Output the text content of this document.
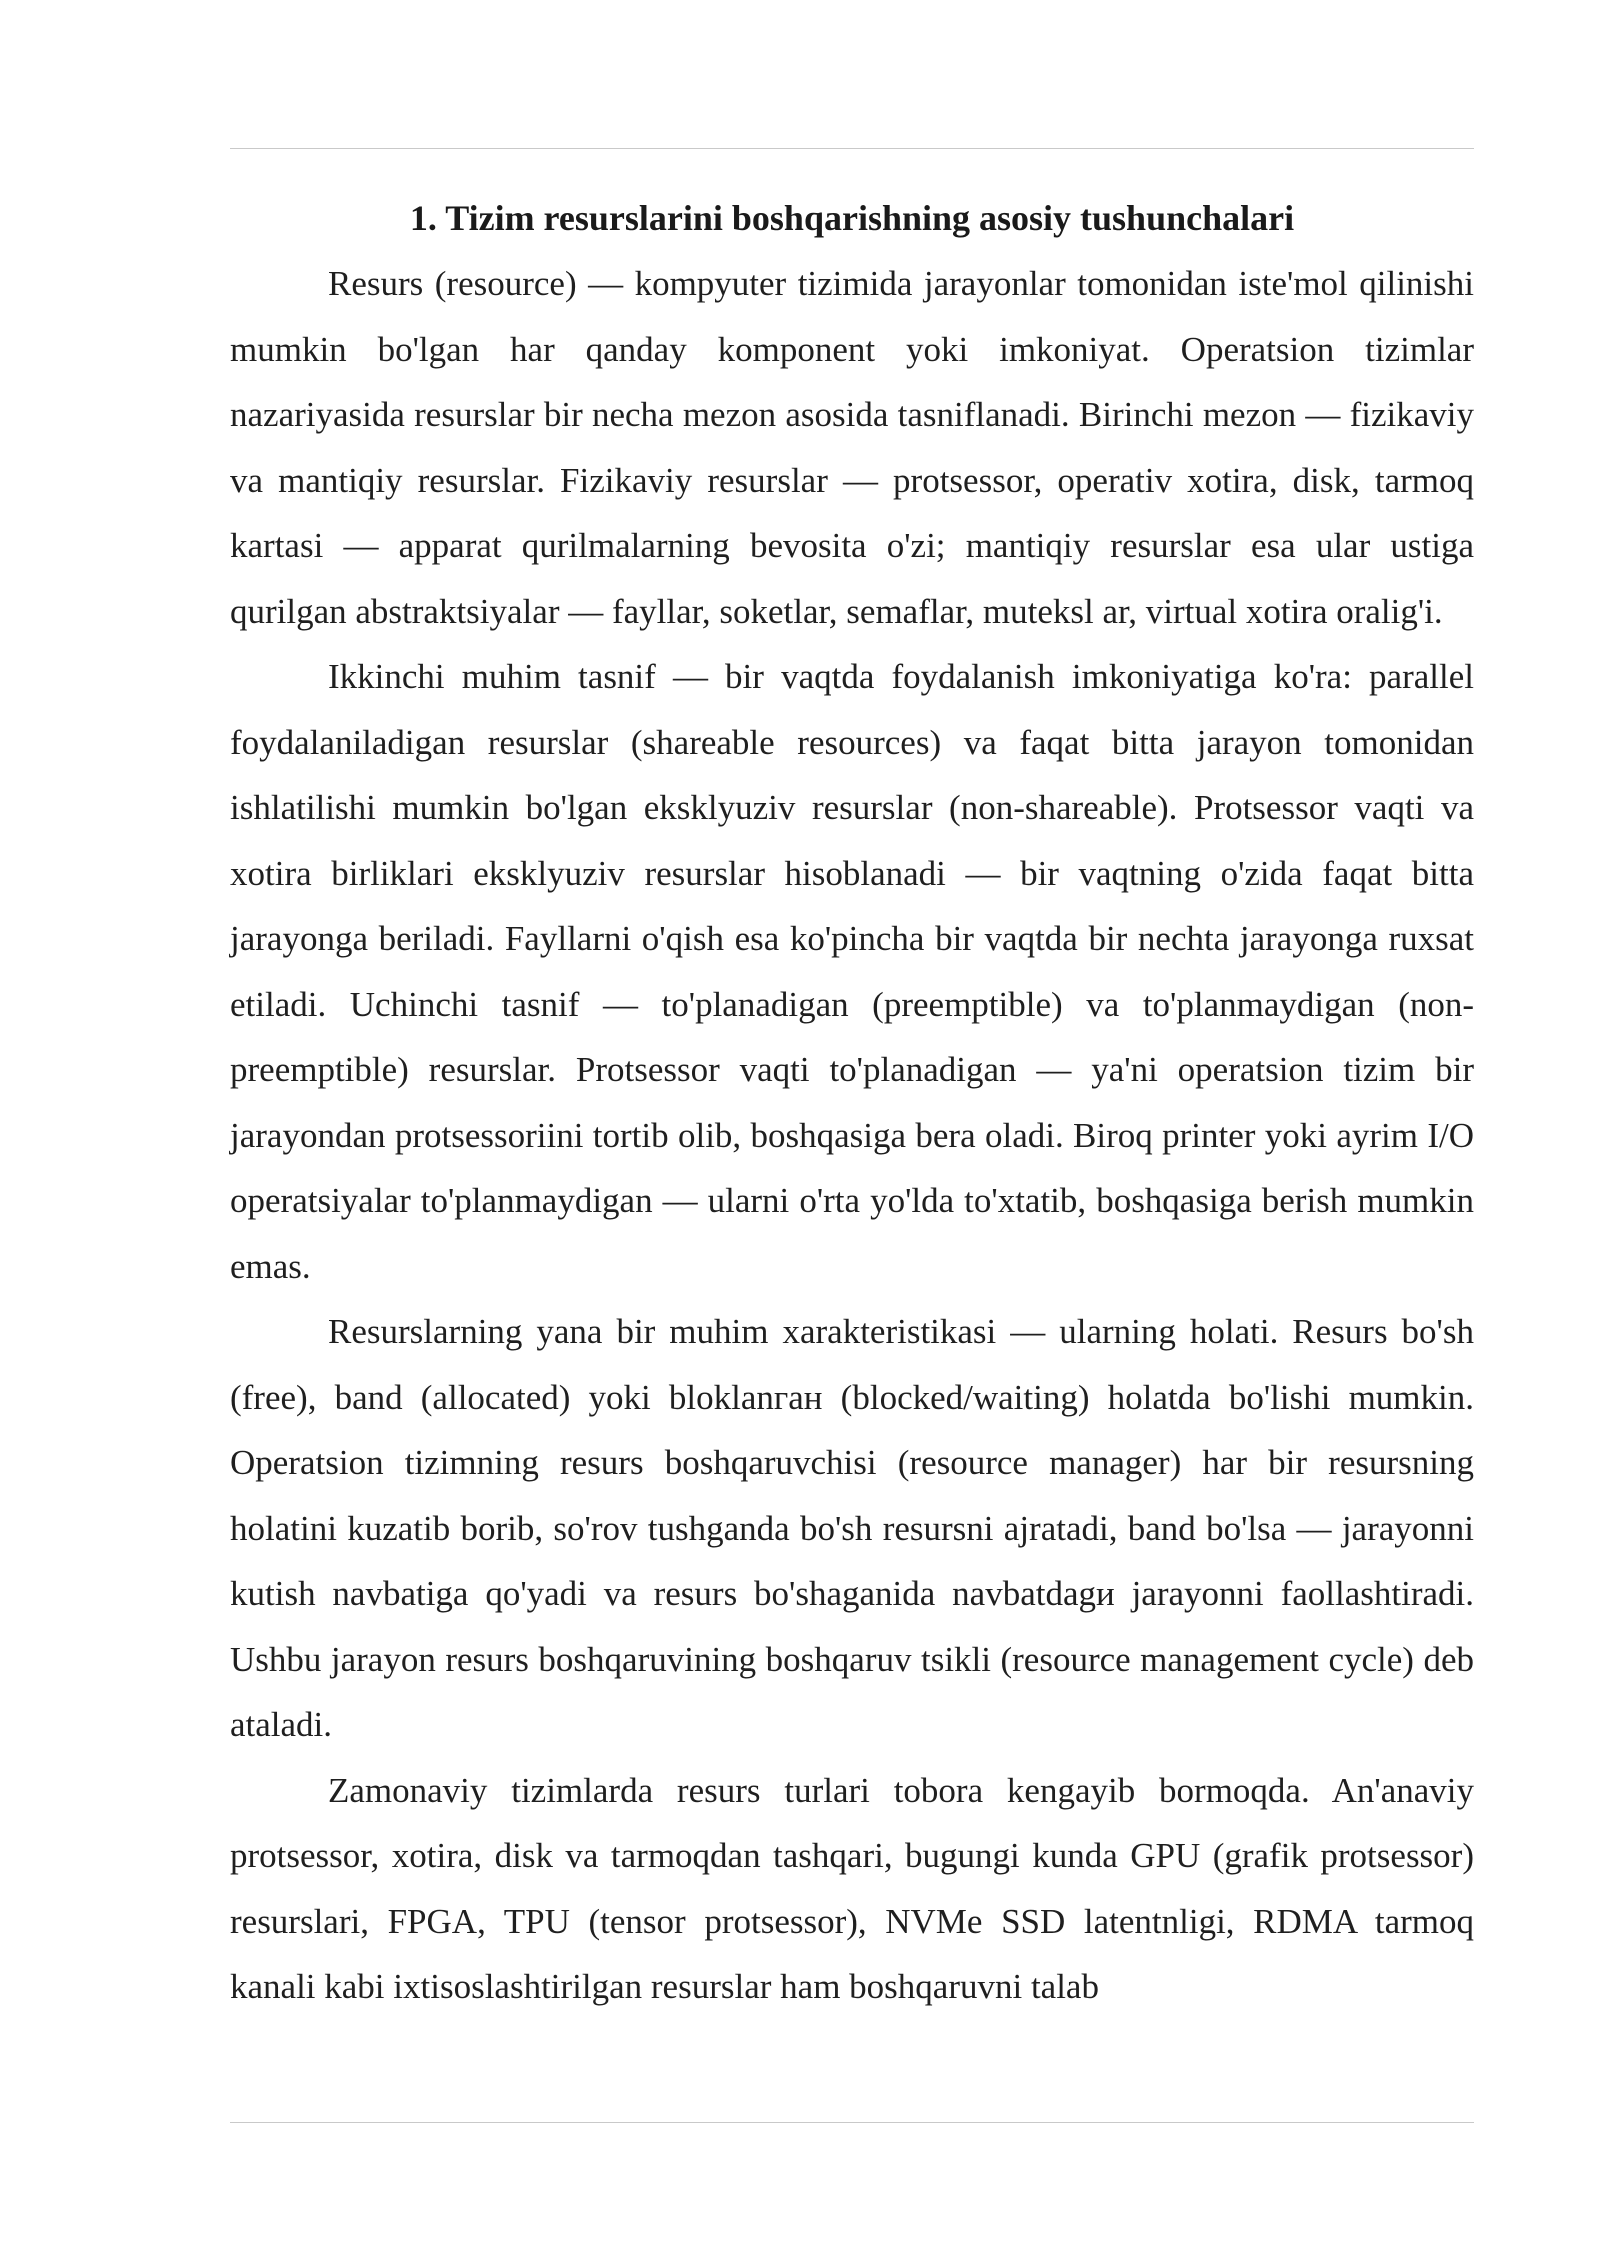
1. Tizim resurslarini boshqarishning asosiy tushunchalari

Resurs (resource) — kompyuter tizimida jarayonlar tomonidan iste'mol qilinishi mumkin bo'lgan har qanday komponent yoki imkoniyat. Operatsion tizimlar nazariyasida resurslar bir necha mezon asosida tasniflanadi. Birinchi mezon — fizikaviy va mantiqiy resurslar. Fizikaviy resurslar — protsessor, operativ xotira, disk, tarmoq kartasi — apparat qurilmalarning bevosita o'zi; mantiqiy resurslar esa ular ustiga qurilgan abstraktsiyalar — fayllar, soketlar, semaflar, muteksl ar, virtual xotira oralig'i.

Ikkinchi muhim tasnif — bir vaqtda foydalanish imkoniyatiga ko'ra: parallel foydalaniladigan resurslar (shareable resources) va faqat bitta jarayon tomonidan ishlatilishi mumkin bo'lgan eksklyuziv resurslar (non-shareable). Protsessor vaqti va xotira birliklari eksklyuziv resurslar hisoblanadi — bir vaqtning o'zida faqat bitta jarayonga beriladi. Fayllarni o'qish esa ko'pincha bir vaqtda bir nechta jarayonga ruxsat etiladi. Uchinchi tasnif — to'planadigan (preemptible) va to'planmaydigan (non-preemptible) resurslar. Protsessor vaqti to'planadigan — ya'ni operatsion tizim bir jarayondan protsessoriini tortib olib, boshqasiga bera oladi. Biroq printer yoki ayrim I/O operatsiyalar to'planmaydigan — ularni o'rta yo'lda to'xtatib, boshqasiga berish mumkin emas.

Resurslarning yana bir muhim xarakteristikasi — ularning holati. Resurs bo'sh (free), band (allocated) yoki bloklanган (blocked/waiting) holatda bo'lishi mumkin. Operatsion tizimning resurs boshqaruvchisi (resource manager) har bir resursning holatini kuzatib borib, so'rov tushganda bo'sh resursni ajratadi, band bo'lsa — jarayonni kutish navbatiga qo'yadi va resurs bo'shaganida navbatdagи jarayonni faollashtiradi. Ushbu jarayon resurs boshqaruvining boshqaruv tsikli (resource management cycle) deb ataladi.

Zamonaviy tizimlarda resurs turlari tobora kengayib bormoqda. An'anaviy protsessor, xotira, disk va tarmoqdan tashqari, bugungi kunda GPU (grafik protsessor) resurslari, FPGA, TPU (tensor protsessor), NVMe SSD latentnligi, RDMA tarmoq kanali kabi ixtisoslashtirilgan resurslar ham boshqaruvni talab
